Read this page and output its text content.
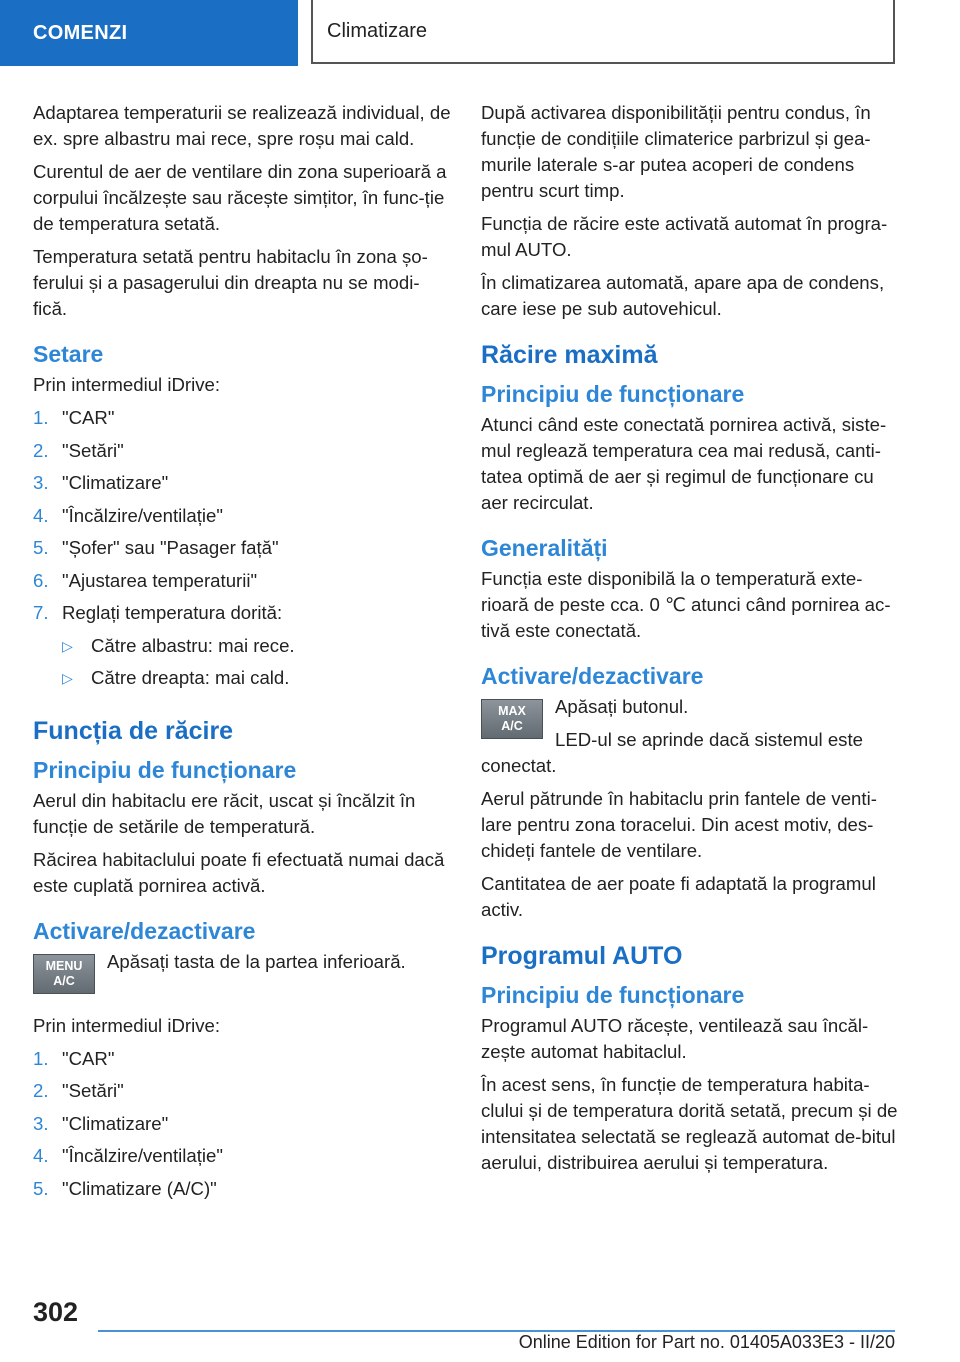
COMENZI	Climatizare

Adaptarea temperaturii se realizează individual, de ex. spre albastru mai rece, spre roșu mai cald.

Curentul de aer de ventilare din zona superioară a corpului încălzește sau răcește simțitor, în func‐ție de temperatura setată.

Temperatura setată pentru habitaclu în zona șo‐ferului și a pasagerului din dreapta nu se modi‐fică.

Setare

Prin intermediul iDrive:

1. "CAR"
2. "Setări"
3. "Climatizare"
4. "Încălzire/ventilație"
5. "Șofer" sau "Pasager față"
6. "Ajustarea temperaturii"
7. Reglați temperatura dorită:
▷ Către albastru: mai rece.
▷ Către dreapta: mai cald.
Funcția de răcire
Principiu de funcționare

Aerul din habitaclu ere răcit, uscat și încălzit în funcție de setările de temperatură.

Răcirea habitaclului poate fi efectuată numai dacă este cuplată pornirea activă.

Activare/dezactivare
MENU
A/C

Apăsați tasta de la partea inferioară.

Prin intermediul iDrive:

1. "CAR"
2. "Setări"
3. "Climatizare"
4. "Încălzire/ventilație"
5. "Climatizare (A/C)"

După activarea disponibilității pentru condus, în funcție de condițiile climaterice parbrizul și gea‐murile laterale s-ar putea acoperi de condens pentru scurt timp.

Funcția de răcire este activată automat în progra‐mul AUTO.

În climatizarea automată, apare apa de condens, care iese pe sub autovehicul.

Răcire maximă
Principiu de funcționare

Atunci când este conectată pornirea activă, siste‐mul reglează temperatura cea mai redusă, canti‐tatea optimă de aer și regimul de funcționare cu aer recirculat.

Generalități

Funcția este disponibilă la o temperatură exte‐rioară de peste cca. 0 ℃ atunci când pornirea ac‐tivă este conectată.

Activare/dezactivare
MAX
A/C

Apăsați butonul.

LED-ul se aprinde dacă sistemul este conectat.

Aerul pătrunde în habitaclu prin fantele de venti‐lare pentru zona toracelui. Din acest motiv, des‐chideți fantele de ventilare.

Cantitatea de aer poate fi adaptată la programul activ.

Programul AUTO
Principiu de funcționare

Programul AUTO răcește, ventilează sau încăl‐zește automat habitaclul.

În acest sens, în funcție de temperatura habita‐clului și de temperatura dorită setată, precum și de intensitatea selectată se reglează automat de‐bitul aerului, distribuirea aerului și temperatura.

302
Online Edition for Part no. 01405A033E3 - II/20
